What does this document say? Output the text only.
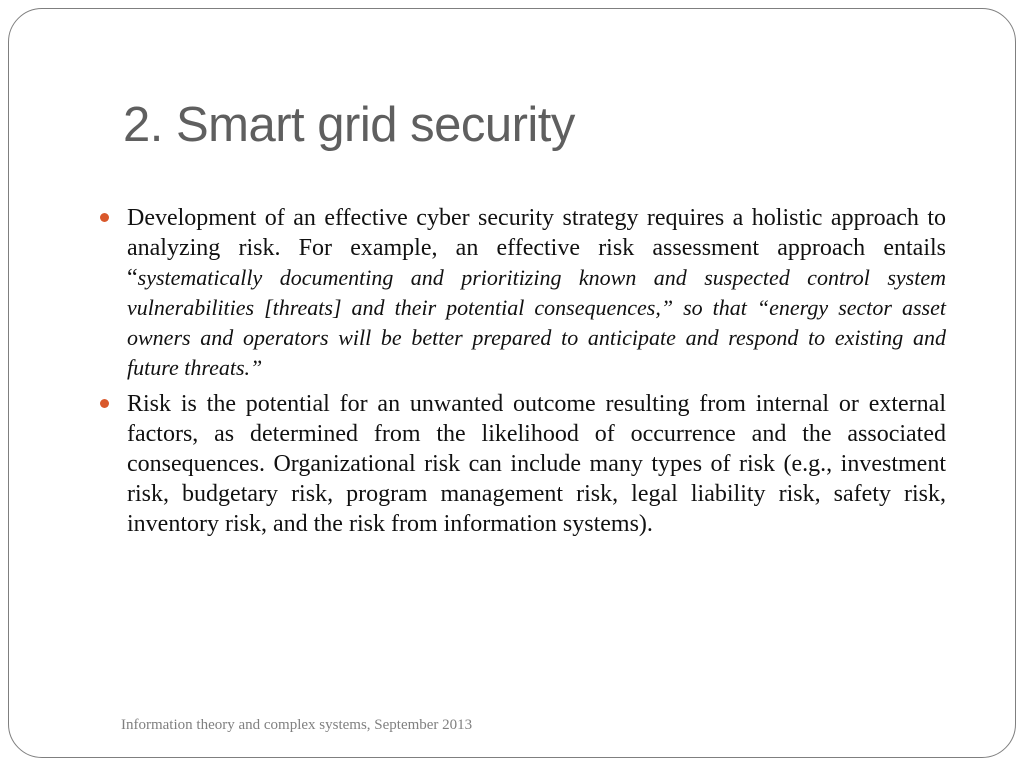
2. Smart grid security
Development of an effective cyber security strategy requires a holistic approach to analyzing risk. For example, an effective risk assessment approach entails “systematically documenting and prioritizing known and suspected control system vulnerabilities [threats] and their potential consequences,” so that “energy sector asset owners and operators will be better prepared to anticipate and respond to existing and future threats.”
Risk is the potential for an unwanted outcome resulting from internal or external factors, as determined from the likelihood of occurrence and the associated consequences. Organizational risk can include many types of risk (e.g., investment risk, budgetary risk, program management risk, legal liability risk, safety risk, inventory risk, and the risk from information systems).
Information theory and complex systems, September 2013
